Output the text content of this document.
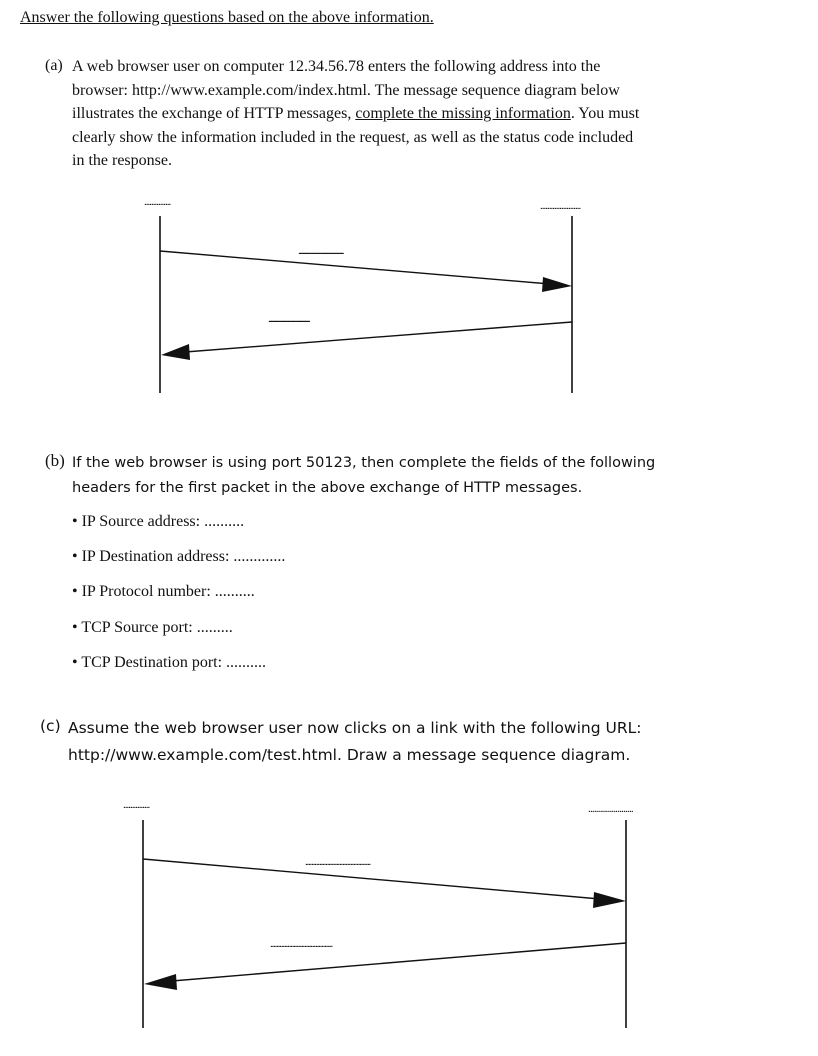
Answer the following questions based on the above information.
(a) A web browser user on computer 12.34.56.78 enters the following address into the
browser: http://www.example.com/index.html. The message sequence diagram below
illustrates the exchange of HTTP messages, complete the missing information. You must
clearly show the information included in the request, as well as the status code included
in the response.
...............	.......................
...............................................
................................................
(b) If the web browser is using port 50123, then complete the fields of the following
headers for the first packet in the above exchange of HTTP messages.
• IP Source address: ..........
• IP Destination address: .............
• IP Protocol number: ..........
• TCP Source port: .........
• TCP Destination port: ..........
(c) Assume the web browser user now clicks on a link with the following URL:
http://www.example.com/test.html. Draw a message sequence diagram.
...............	.......................
..........................................
........................................
